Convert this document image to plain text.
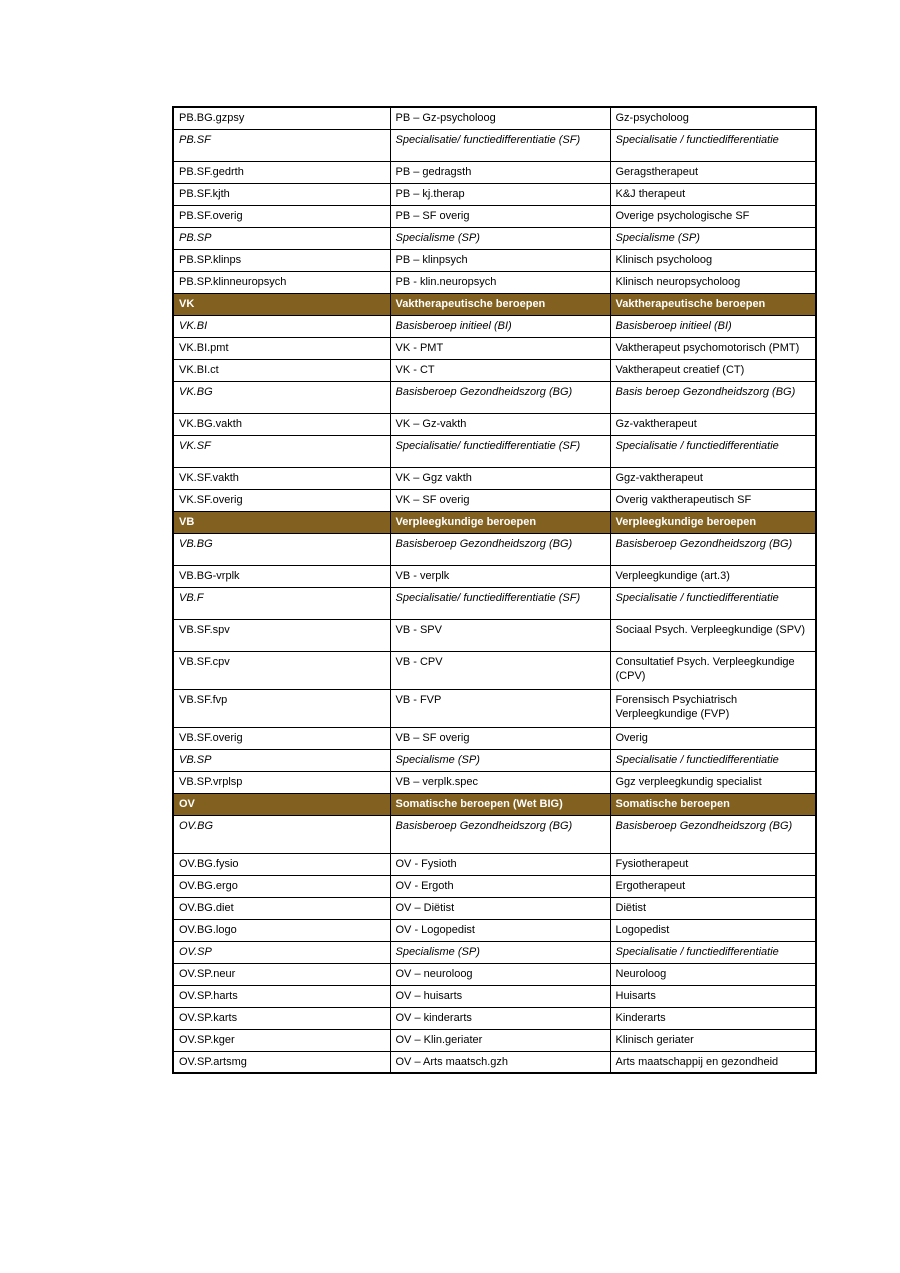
PB.BG.gzpsy	PB – Gz-psycholoog	Gz-psycholoog
PB.SF	Specialisatie/ functiedifferentiatie (SF)	Specialisatie / functiedifferentiatie
PB.SF.gedrth	PB – gedragsth	Geragstherapeut
PB.SF.kjth	PB – kj.therap	K&J therapeut
PB.SF.overig	PB – SF overig	Overige psychologische SF
PB.SP	Specialisme (SP)	Specialisme (SP)
PB.SP.klinps	PB – klinpsych	Klinisch psycholoog
PB.SP.klinneuropsych	PB - klin.neuropsych	Klinisch neuropsycholoog
VK	Vaktherapeutische beroepen	Vaktherapeutische beroepen
VK.BI	Basisberoep initieel (BI)	Basisberoep initieel (BI)
VK.BI.pmt	VK - PMT	Vaktherapeut psychomotorisch (PMT)
VK.BI.ct	VK - CT	Vaktherapeut creatief (CT)
VK.BG	Basisberoep Gezondheidszorg (BG)	Basis beroep Gezondheidszorg (BG)
VK.BG.vakth	VK – Gz-vakth	Gz-vaktherapeut
VK.SF	Specialisatie/ functiedifferentiatie (SF)	Specialisatie / functiedifferentiatie
VK.SF.vakth	VK – Ggz vakth	Ggz-vaktherapeut
VK.SF.overig	VK – SF overig	Overig vaktherapeutisch SF
VB	Verpleegkundige beroepen	Verpleegkundige beroepen
VB.BG	Basisberoep Gezondheidszorg (BG)	Basisberoep Gezondheidszorg (BG)
VB.BG-vrplk	VB - verplk	Verpleegkundige (art.3)
VB.F	Specialisatie/ functiedifferentiatie (SF)	Specialisatie / functiedifferentiatie
VB.SF.spv	VB - SPV	Sociaal Psych. Verpleegkundige (SPV)
VB.SF.cpv	VB - CPV	Consultatief Psych. Verpleegkundige (CPV)
VB.SF.fvp	VB - FVP	Forensisch Psychiatrisch Verpleegkundige (FVP)
VB.SF.overig	VB – SF overig	Overig
VB.SP	Specialisme (SP)	Specialisatie / functiedifferentiatie
VB.SP.vrplsp	VB – verplk.spec	Ggz verpleegkundig specialist
OV	Somatische beroepen (Wet BIG)	Somatische beroepen
OV.BG	Basisberoep Gezondheidszorg (BG)	Basisberoep Gezondheidszorg (BG)
OV.BG.fysio	OV - Fysioth	Fysiotherapeut
OV.BG.ergo	OV - Ergoth	Ergotherapeut
OV.BG.diet	OV – Diëtist	Diëtist
OV.BG.logo	OV - Logopedist	Logopedist
OV.SP	Specialisme (SP)	Specialisatie / functiedifferentiatie
OV.SP.neur	OV – neuroloog	Neuroloog
OV.SP.harts	OV – huisarts	Huisarts
OV.SP.karts	OV – kinderarts	Kinderarts
OV.SP.kger	OV – Klin.geriater	Klinisch geriater
OV.SP.artsmg	OV – Arts maatsch.gzh	Arts maatschappij en gezondheid
